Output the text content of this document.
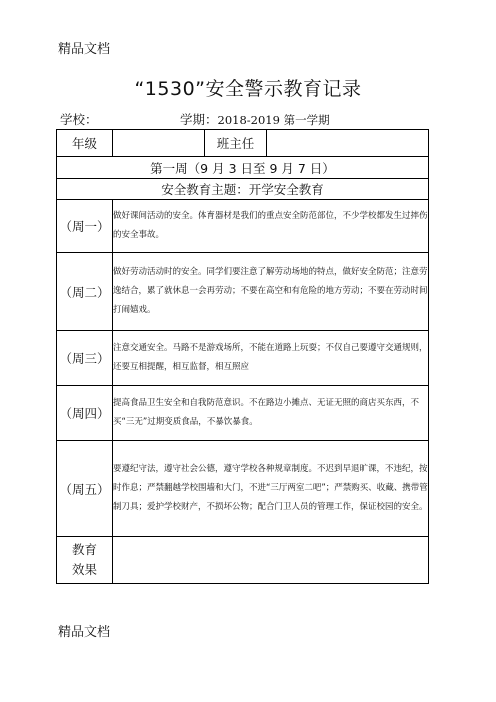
精品文档
“1530”安全警示教育记录
学校：	学期：2018-2019 第一学期
年级		班主任	
第一周（9 月 3 日至 9 月 7 日）			
安全教育主题：开学安全教育			
（周一）	做好课间活动的安全。体育器材是我们的重点安全防范部位，不少学校都发生过摔伤的安全事故。		
（周二）	做好劳动活动时的安全。同学们要注意了解劳动场地的特点，做好安全防范；注意劳逸结合，累了就休息一会再劳动；不要在高空和有危险的地方劳动；不要在劳动时间打闹嬉戏。		
（周三）	注意交通安全。马路不是游戏场所，不能在道路上玩耍；不仅自己要遵守交通规则，还要互相提醒，相互监督，相互照应		
（周四）	提高食品卫生安全和自我防范意识。不在路边小摊点、无证无照的商店买东西，不买“三无”过期变质食品，不暴饮暴食。		
（周五）	要遵纪守法，遵守社会公德，遵守学校各种规章制度。不迟到早退旷课，不违纪，按时作息；严禁翻越学校围墙和大门，不进“三厅两室二吧”；严禁购买、收藏、携带管制刀具；爱护学校财产，不损坏公物；配合门卫人员的管理工作，保证校园的安全。		

教育
效果			

精品文档
